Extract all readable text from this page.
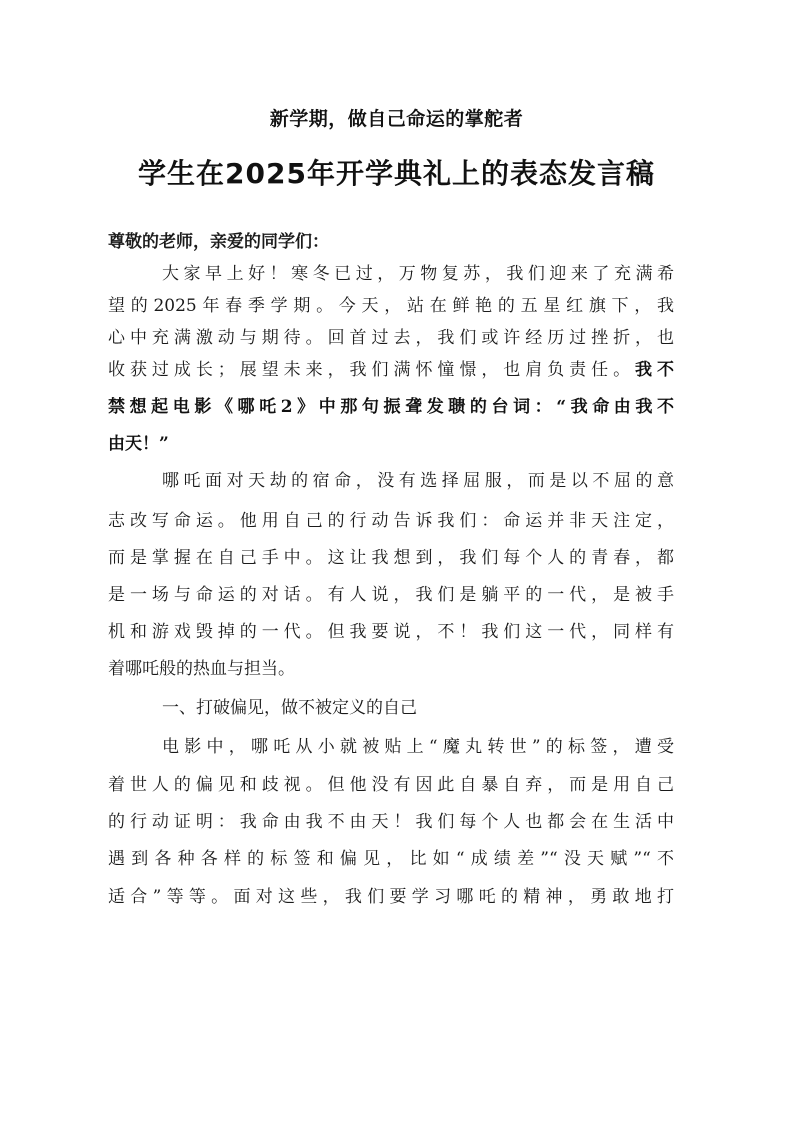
新学期，做自己命运的掌舵者
学生在2025年开学典礼上的表态发言稿
尊敬的老师，亲爱的同学们：
大家早上好！寒冬已过，万物复苏，我们迎来了充满希
望的2025年春季学期。今天，站在鲜艳的五星红旗下，我
心中充满激动与期待。回首过去，我们或许经历过挫折，也
收获过成长；展望未来，我们满怀憧憬，也肩负责任。我不
禁想起电影《哪吒2》中那句振聋发聩的台词：“我命由我不
由天！”
哪吒面对天劫的宿命，没有选择屈服，而是以不屈的意
志改写命运。他用自己的行动告诉我们：命运并非天注定，
而是掌握在自己手中。这让我想到，我们每个人的青春，都
是一场与命运的对话。有人说，我们是躺平的一代，是被手
机和游戏毁掉的一代。但我要说，不！我们这一代，同样有
着哪吒般的热血与担当。
一、打破偏见，做不被定义的自己
电影中，哪吒从小就被贴上“魔丸转世”的标签，遭受
着世人的偏见和歧视。但他没有因此自暴自弃，而是用自己
的行动证明：我命由我不由天！我们每个人也都会在生活中
遇到各种各样的标签和偏见，比如“成绩差”“没天赋”“不
适合”等等。面对这些，我们要学习哪吒的精神，勇敢地打
